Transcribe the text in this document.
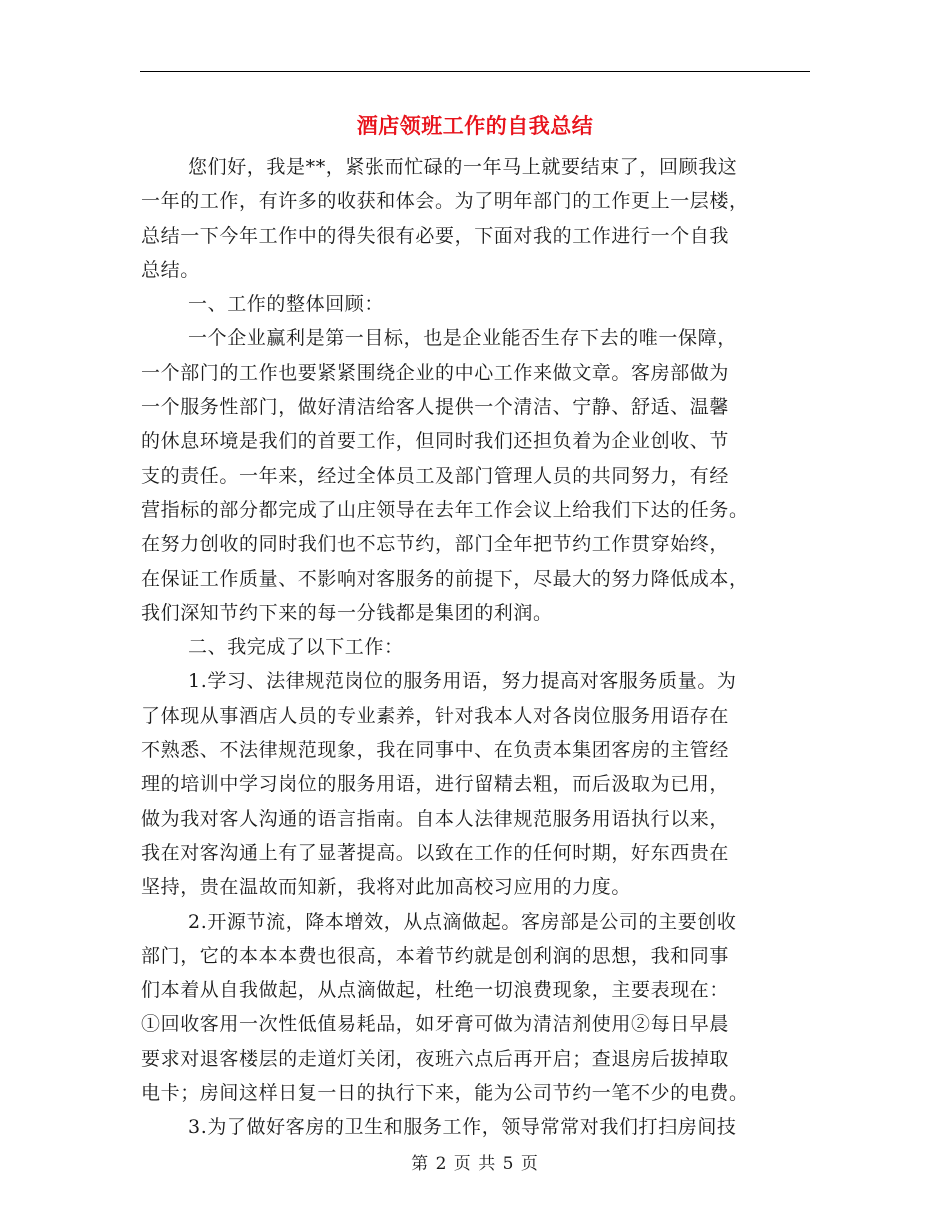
酒店领班工作的自我总结
您们好，我是**，紧张而忙碌的一年马上就要结束了，回顾我这
一年的工作，有许多的收获和体会。为了明年部门的工作更上一层楼，
总结一下今年工作中的得失很有必要，下面对我的工作进行一个自我
总结。
一、工作的整体回顾：
一个企业赢利是第一目标，也是企业能否生存下去的唯一保障，
一个部门的工作也要紧紧围绕企业的中心工作来做文章。客房部做为
一个服务性部门，做好清洁给客人提供一个清洁、宁静、舒适、温馨
的休息环境是我们的首要工作，但同时我们还担负着为企业创收、节
支的责任。一年来，经过全体员工及部门管理人员的共同努力，有经
营指标的部分都完成了山庄领导在去年工作会议上给我们下达的任务。
在努力创收的同时我们也不忘节约，部门全年把节约工作贯穿始终，
在保证工作质量、不影响对客服务的前提下，尽最大的努力降低成本，
我们深知节约下来的每一分钱都是集团的利润。
二、我完成了以下工作：
1.学习、法律规范岗位的服务用语，努力提高对客服务质量。为
了体现从事酒店人员的专业素养，针对我本人对各岗位服务用语存在
不熟悉、不法律规范现象，我在同事中、在负责本集团客房的主管经
理的培训中学习岗位的服务用语，进行留精去粗，而后汲取为已用，
做为我对客人沟通的语言指南。自本人法律规范服务用语执行以来，
我在对客沟通上有了显著提高。以致在工作的任何时期，好东西贵在
坚持，贵在温故而知新，我将对此加高校习应用的力度。
2.开源节流，降本增效，从点滴做起。客房部是公司的主要创收
部门，它的本本本费也很高，本着节约就是创利润的思想，我和同事
们本着从自我做起，从点滴做起，杜绝一切浪费现象，主要表现在：
①回收客用一次性低值易耗品，如牙膏可做为清洁剂使用②每日早晨
要求对退客楼层的走道灯关闭，夜班六点后再开启；查退房后拔掉取
电卡；房间这样日复一日的执行下来，能为公司节约一笔不少的电费。
3.为了做好客房的卫生和服务工作，领导常常对我们打扫房间技
第 2 页 共 5 页
